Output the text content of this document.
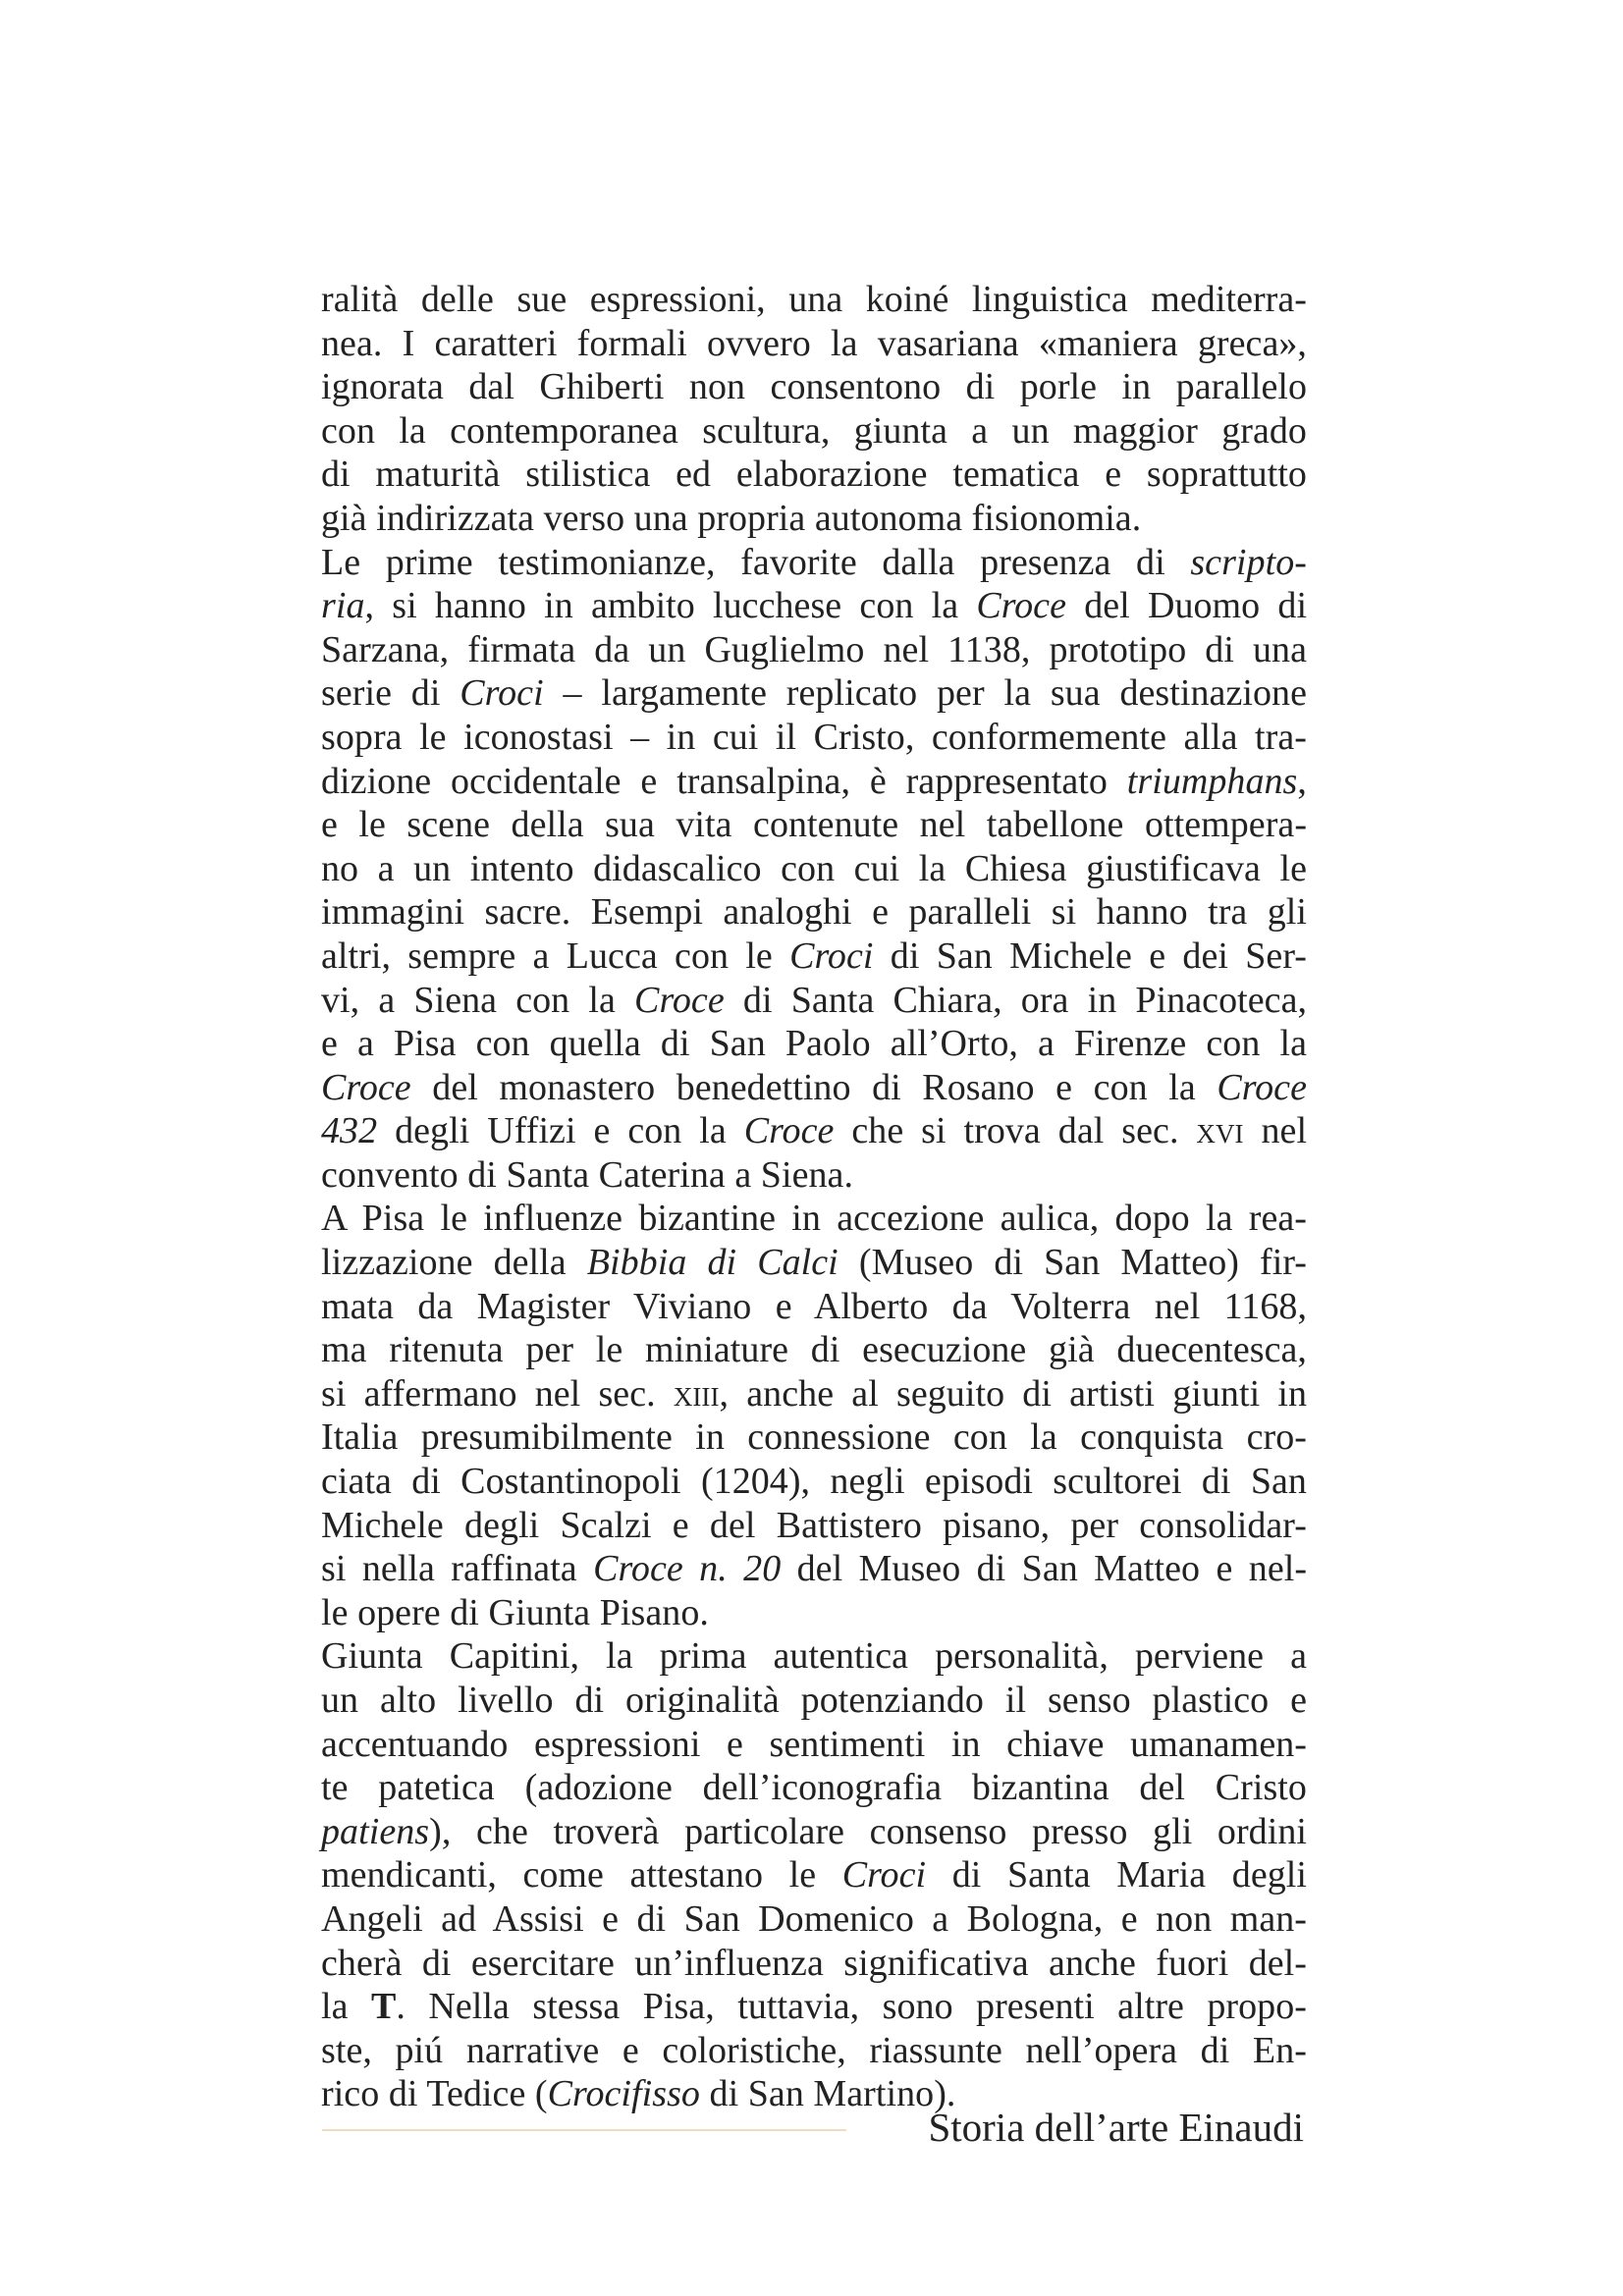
ralità delle sue espressioni, una koiné linguistica mediterra-
nea. I caratteri formali ovvero la vasariana «maniera greca»,
ignorata dal Ghiberti non consentono di porle in parallelo
con la contemporanea scultura, giunta a un maggior grado
di maturità stilistica ed elaborazione tematica e soprattutto
già indirizzata verso una propria autonoma fisionomia.
Le prime testimonianze, favorite dalla presenza di scripto-
ria, si hanno in ambito lucchese con la Croce del Duomo di
Sarzana, firmata da un Guglielmo nel 1138, prototipo di una
serie di Croci – largamente replicato per la sua destinazione
sopra le iconostasi – in cui il Cristo, conformemente alla tra-
dizione occidentale e transalpina, è rappresentato triumphans,
e le scene della sua vita contenute nel tabellone ottempera-
no a un intento didascalico con cui la Chiesa giustificava le
immagini sacre. Esempi analoghi e paralleli si hanno tra gli
altri, sempre a Lucca con le Croci di San Michele e dei Ser-
vi, a Siena con la Croce di Santa Chiara, ora in Pinacoteca,
e a Pisa con quella di San Paolo all’Orto, a Firenze con la
Croce del monastero benedettino di Rosano e con la Croce
432 degli Uffizi e con la Croce che si trova dal sec. xvi nel
convento di Santa Caterina a Siena.
A Pisa le influenze bizantine in accezione aulica, dopo la rea-
lizzazione della Bibbia di Calci (Museo di San Matteo) fir-
mata da Magister Viviano e Alberto da Volterra nel 1168,
ma ritenuta per le miniature di esecuzione già duecentesca,
si affermano nel sec. xiii, anche al seguito di artisti giunti in
Italia presumibilmente in connessione con la conquista cro-
ciata di Costantinopoli (1204), negli episodi scultorei di San
Michele degli Scalzi e del Battistero pisano, per consolidar-
si nella raffinata Croce n. 20 del Museo di San Matteo e nel-
le opere di Giunta Pisano.
Giunta Capitini, la prima autentica personalità, perviene a
un alto livello di originalità potenziando il senso plastico e
accentuando espressioni e sentimenti in chiave umanamen-
te patetica (adozione dell’iconografia bizantina del Cristo
patiens), che troverà particolare consenso presso gli ordini
mendicanti, come attestano le Croci di Santa Maria degli
Angeli ad Assisi e di San Domenico a Bologna, e non man-
cherà di esercitare un’influenza significativa anche fuori del-
la T. Nella stessa Pisa, tuttavia, sono presenti altre propo-
ste, piú narrative e coloristiche, riassunte nell’opera di En-
rico di Tedice (Crocifisso di San Martino).
Storia dell’arte Einaudi
